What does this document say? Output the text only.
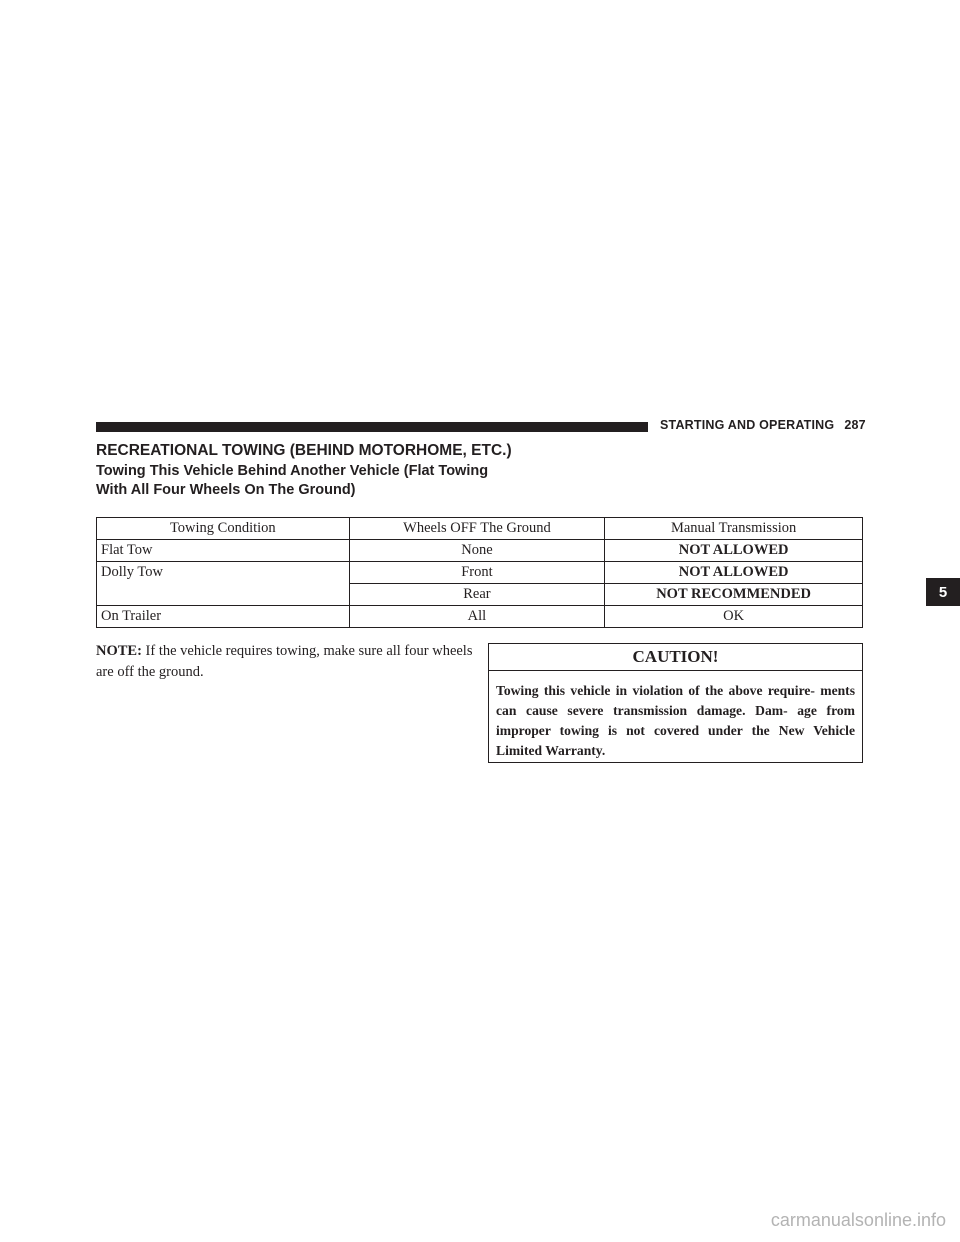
STARTING AND OPERATING 287
RECREATIONAL TOWING (BEHIND MOTORHOME, ETC.)
Towing This Vehicle Behind Another Vehicle (Flat Towing With All Four Wheels On The Ground)
Towing Condition	Wheels OFF The Ground	Manual Transmission
Flat Tow	None	NOT ALLOWED
Dolly Tow	Front	NOT ALLOWED
	Rear	NOT RECOMMENDED
On Trailer	All	OK
NOTE: If the vehicle requires towing, make sure all four wheels are off the ground.
CAUTION!
Towing this vehicle in violation of the above require- ments can cause severe transmission damage. Dam- age from improper towing is not covered under the New Vehicle Limited Warranty.
5
carmanualsonline.info
